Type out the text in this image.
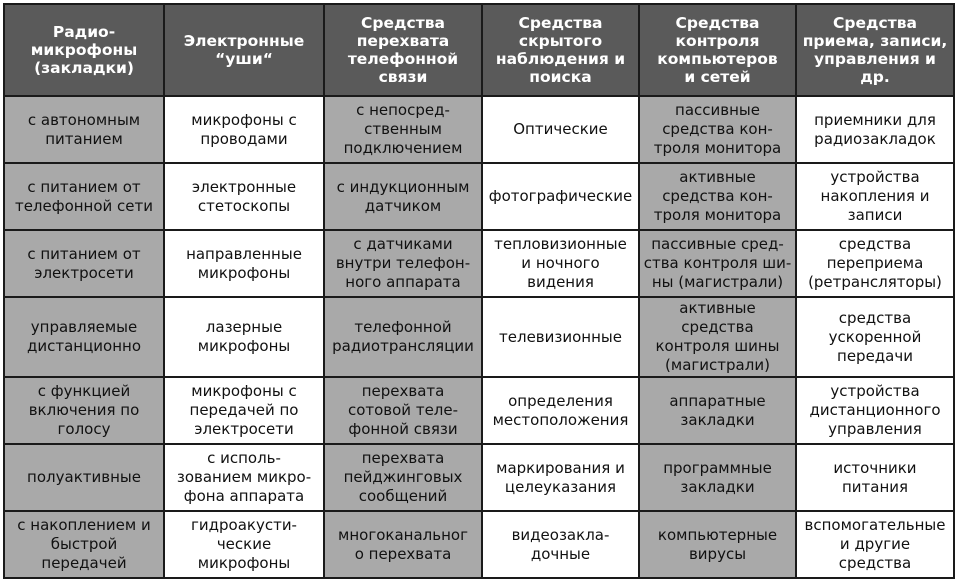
Радио-
микрофоны
(закладки)	Электронные
“уши“	Средства
перехвата
телефонной
связи	Средства
скрытого
наблюдения и
поиска	Средства
контроля
компьютеров
и сетей	Средства
приема, записи,
управления и
др.

с автономным
питанием	микрофоны с
проводами	с непосред-
ственным
подключением	Оптические	пассивные
средства кон-
троля монитора	приемники для
радиозакладок

с питанием от
телефонной сети	электронные
стетоскопы	с индукционным
датчиком	фотографические	активные
средства кон-
троля монитора	устройства
накопления и
записи

с питанием от
электросети	направленные
микрофоны	с датчиками
внутри телефон-
ного аппарата	тепловизионные
и ночного
видения	пассивные сред-
ства контроля ши-
ны (магистрали)	средства
переприема
(ретрансляторы)

управляемые
дистанционно	лазерные
микрофоны	телефонной
радиотрансляции	телевизионные	активные средства
контроля шины
(магистрали)	средства
ускоренной
передачи

с функцией
включения по
голосу	микрофоны с
передачей по
электросети	перехвата
сотовой теле-
фонной связи	определения
местоположения	аппаратные
закладки	устройства
дистанционного
управления

полуактивные	с исполь-
зованием микро-
фона аппарата	перехвата
пейджинговых
сообщений	маркирования и
целеуказания	программные
закладки	источники
питания

с накоплением и
быстрой
передачей	гидроакусти-
ческие
микрофоны	многоканальног
о перехвата	видеозакла-
дочные	компьютерные
вирусы	вспомогательные
и другие
средства
